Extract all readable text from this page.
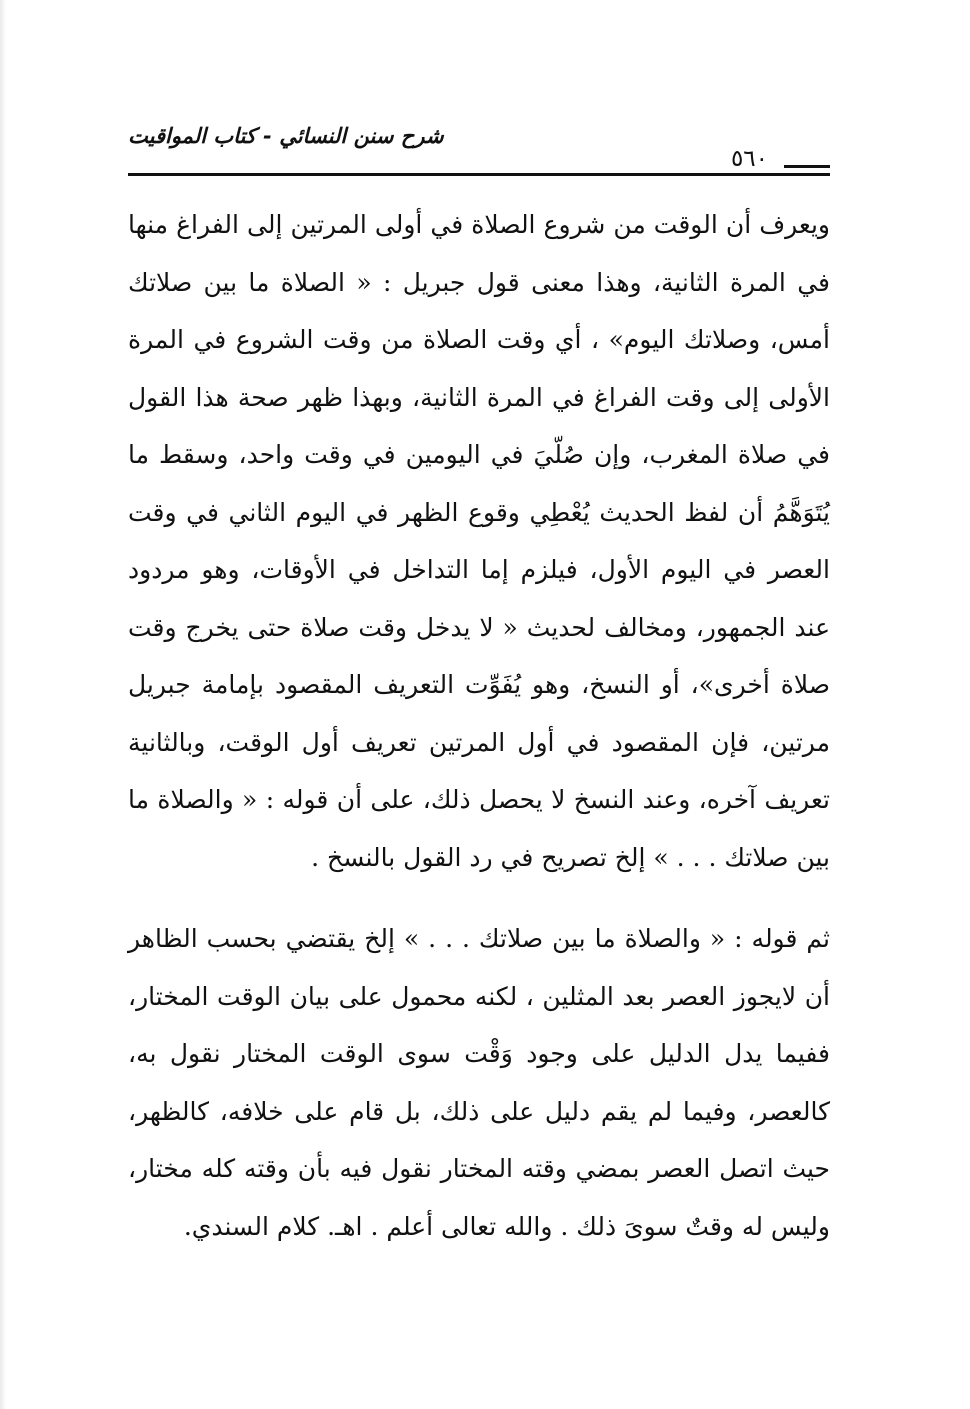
شرح سنن النسائي - كتاب المواقيت
٥٦٠

ويعرف أن الوقت من شروع الصلاة في أولى المرتين إلى الفراغ منها في المرة الثانية، وهذا معنى قول جبريل : « الصلاة ما بين صلاتك أمس، وصلاتك اليوم» ، أي وقت الصلاة من وقت الشروع في المرة الأولى إلى وقت الفراغ في المرة الثانية، وبهذا ظهر صحة هذا القول في صلاة المغرب، وإن صُلّيَ في اليومين في وقت واحد، وسقط ما يُتَوَهَّمُ أن لفظ الحديث يُعْطِي وقوع الظهر في اليوم الثاني في وقت العصر في اليوم الأول، فيلزم إما التداخل في الأوقات، وهو مردود عند الجمهور، ومخالف لحديث « لا يدخل وقت صلاة حتى يخرج وقت صلاة أخرى»، أو النسخ، وهو يُفَوِّت التعريف المقصود بإمامة جبريل مرتين، فإن المقصود في أول المرتين تعريف أول الوقت، وبالثانية تعريف آخره، وعند النسخ لا يحصل ذلك، على أن قوله : « والصلاة ما بين صلاتك . . . » إلخ تصريح في رد القول بالنسخ .

ثم قوله : « والصلاة ما بين صلاتك . . . » إلخ يقتضي بحسب الظاهر أن لايجوز العصر بعد المثلين ، لكنه محمول على بيان الوقت المختار، ففيما يدل الدليل على وجود وَقْت سوى الوقت المختار نقول به، كالعصر، وفيما لم يقم دليل على ذلك، بل قام على خلافه، كالظهر، حيث اتصل العصر بمضي وقته المختار نقول فيه بأن وقته كله مختار، وليس له وقتٌ سوىَ ذلك . والله تعالى أعلم . اهـ. كلام السندي.
